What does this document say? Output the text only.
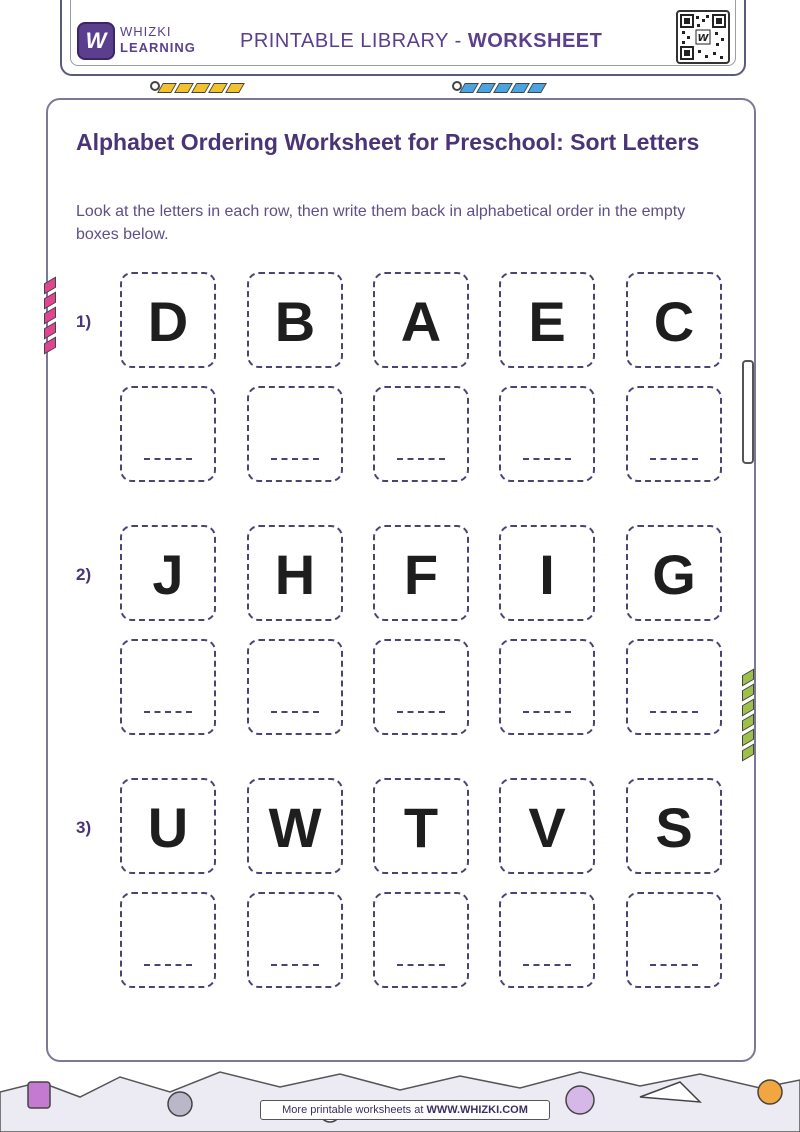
W	WHIZKI
LEARNING PRINTABLE LIBRARY - WORKSHEET	W
Alphabet Ordering Worksheet for Preschool: Sort Letters

Look at the letters in each row, then write them back in alphabetical order in the empty boxes below.

1)	D	B	A	E	C
2)	J	H	F	I	G
3)	U	W	T	V	S
More printable worksheets at WWW.WHIZKI.COM
